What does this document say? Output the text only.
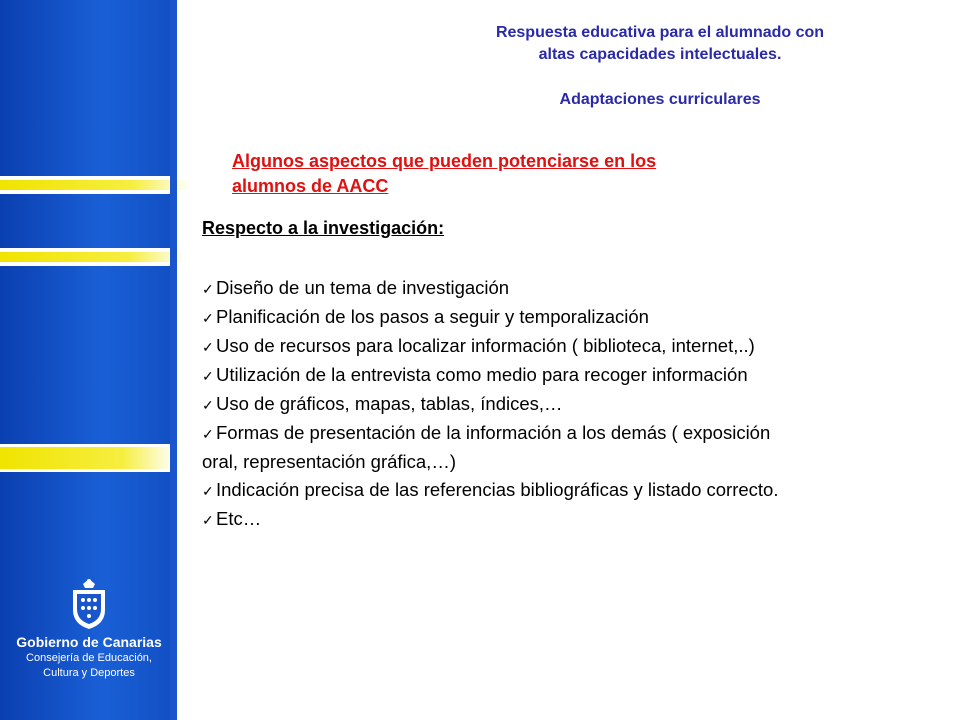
Gobierno de Canarias
Consejería de Educación,
Cultura y Deportes
Respuesta educativa para el alumnado con
altas capacidades intelectuales.
Adaptaciones curriculares
Algunos aspectos que pueden potenciarse en los
alumnos de AACC
Respecto a la investigación:
✓ Diseño de un tema de investigación
✓ Planificación de los pasos a seguir y temporalización
✓ Uso de recursos para localizar información ( biblioteca, internet,..)
✓ Utilización de la entrevista como medio para recoger información
✓ Uso de gráficos, mapas, tablas, índices,…
✓ Formas de presentación de la información a los demás ( exposición
oral, representación gráfica,…)
✓ Indicación precisa de las referencias bibliográficas y listado correcto.
✓ Etc…
